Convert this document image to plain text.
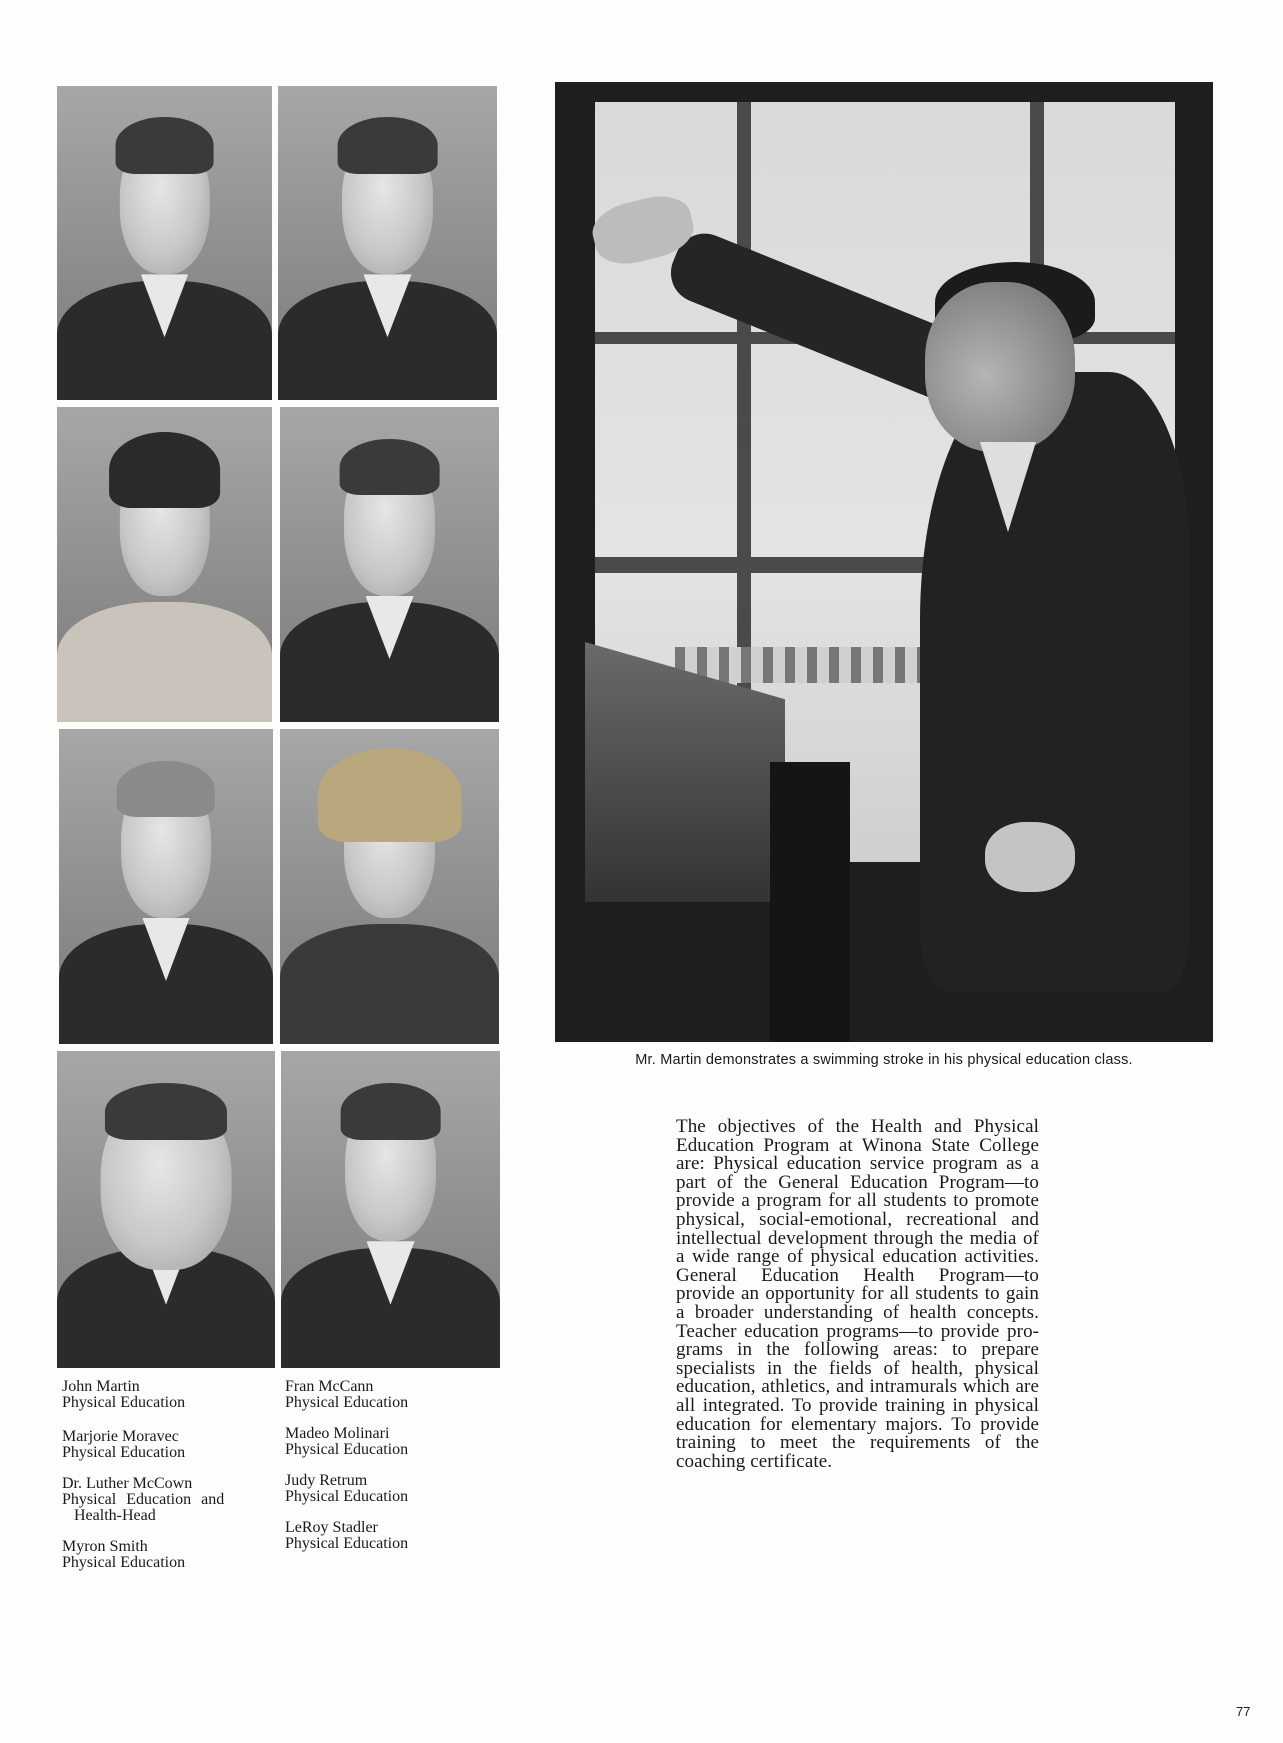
Mr. Martin demonstrates a swimming stroke in his physical education class.
John Martin
Physical Education
Marjorie Moravec
Physical Education
Dr. Luther McCown
Physical Education and
Health-Head
Myron Smith
Physical Education
Fran McCann
Physical Education
Madeo Molinari
Physical Education
Judy Retrum
Physical Education
LeRoy Stadler
Physical Education
The objectives of the Health and Physical Education Program at Winona State College are: Physical education service program as a part of the General Education Program—to provide a program for all students to promote physical, social-emotional, recreational and intellectual development through the media of a wide range of physical education activities. General Education Health Program—to provide an opportunity for all students to gain a broader understanding of health concepts. Teacher education programs—to provide programs in the following areas: to prepare specialists in the fields of health, physical education, athletics, and intramurals which are all integrated. To provide training in physical education for elementary majors. To provide training to meet the requirements of the coaching certificate.
77
